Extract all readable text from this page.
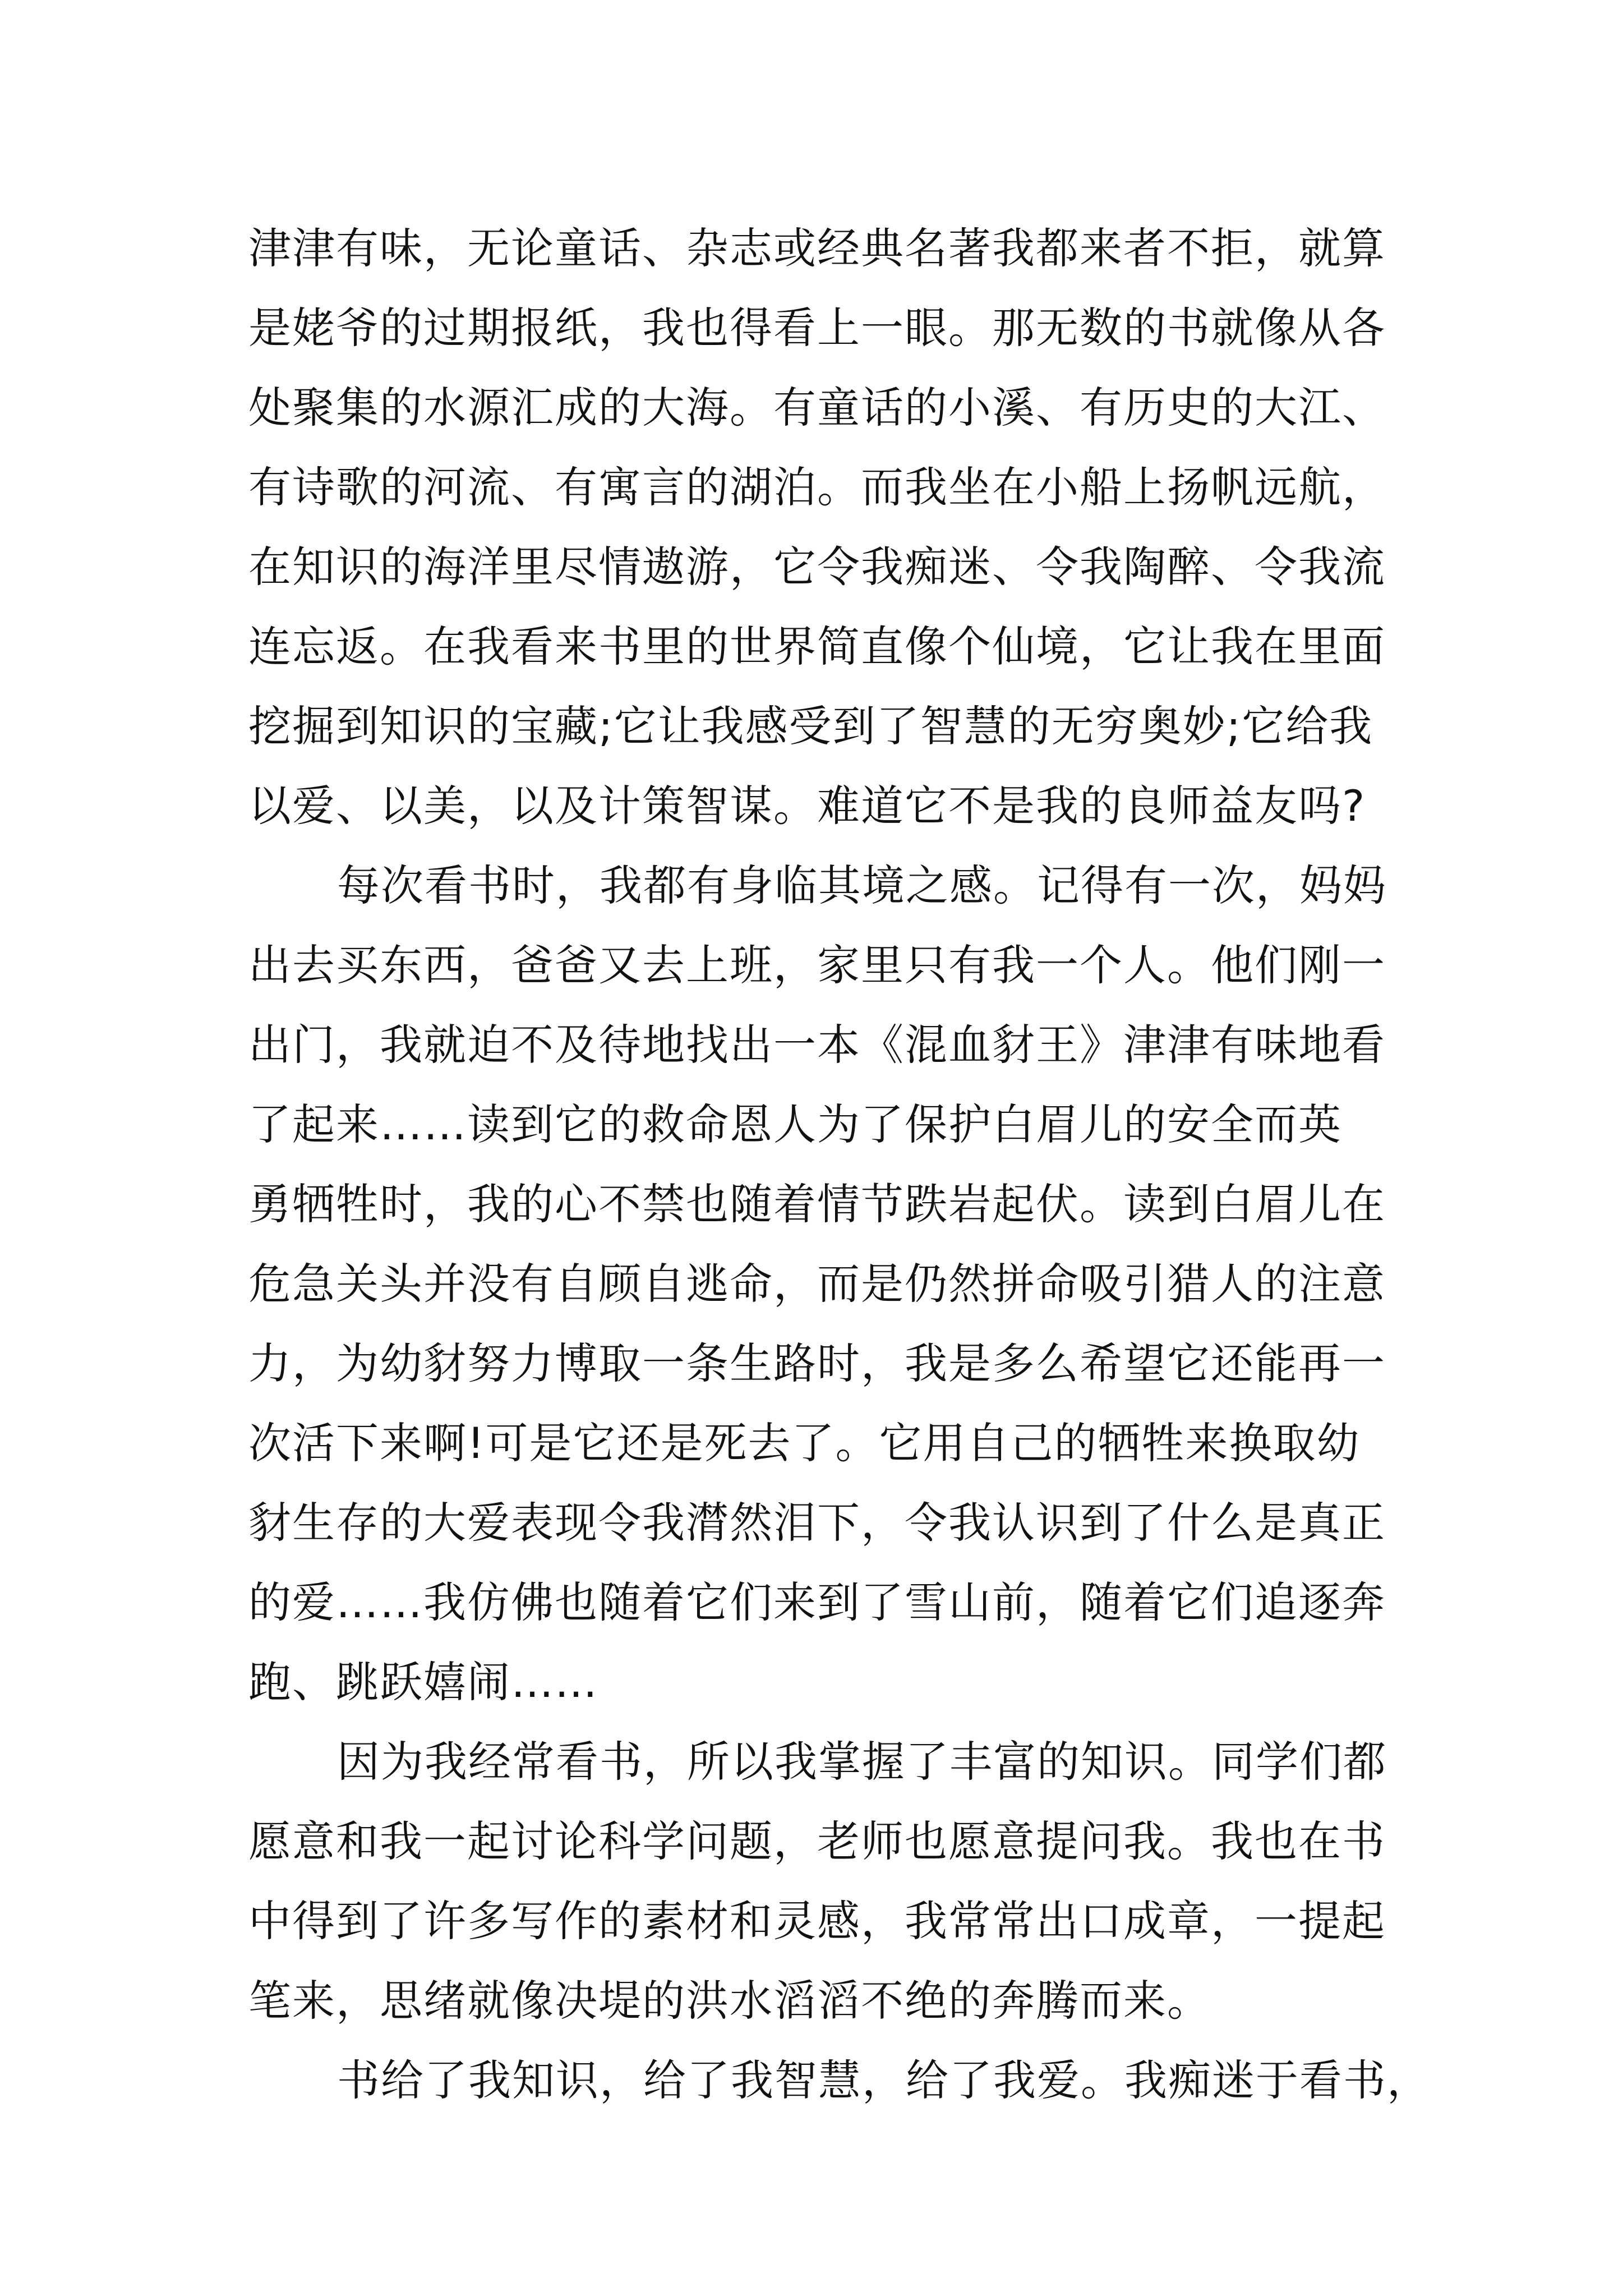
津津有味，无论童话、杂志或经典名著我都来者不拒，就算
是姥爷的过期报纸，我也得看上一眼。那无数的书就像从各
处聚集的水源汇成的大海。有童话的小溪、有历史的大江、
有诗歌的河流、有寓言的湖泊。而我坐在小船上扬帆远航，
在知识的海洋里尽情遨游，它令我痴迷、令我陶醉、令我流
连忘返。在我看来书里的世界简直像个仙境，它让我在里面
挖掘到知识的宝藏;它让我感受到了智慧的无穷奥妙;它给我
以爱、以美，以及计策智谋。难道它不是我的良师益友吗?
每次看书时，我都有身临其境之感。记得有一次，妈妈
出去买东西，爸爸又去上班，家里只有我一个人。他们刚一
出门，我就迫不及待地找出一本《混血豺王》津津有味地看
了起来……读到它的救命恩人为了保护白眉儿的安全而英
勇牺牲时，我的心不禁也随着情节跌岩起伏。读到白眉儿在
危急关头并没有自顾自逃命，而是仍然拼命吸引猎人的注意
力，为幼豺努力博取一条生路时，我是多么希望它还能再一
次活下来啊!可是它还是死去了。它用自己的牺牲来换取幼
豺生存的大爱表现令我潸然泪下，令我认识到了什么是真正
的爱……我仿佛也随着它们来到了雪山前，随着它们追逐奔
跑、跳跃嬉闹……
因为我经常看书，所以我掌握了丰富的知识。同学们都
愿意和我一起讨论科学问题，老师也愿意提问我。我也在书
中得到了许多写作的素材和灵感，我常常出口成章，一提起
笔来，思绪就像决堤的洪水滔滔不绝的奔腾而来。
书给了我知识，给了我智慧，给了我爱。我痴迷于看书，
